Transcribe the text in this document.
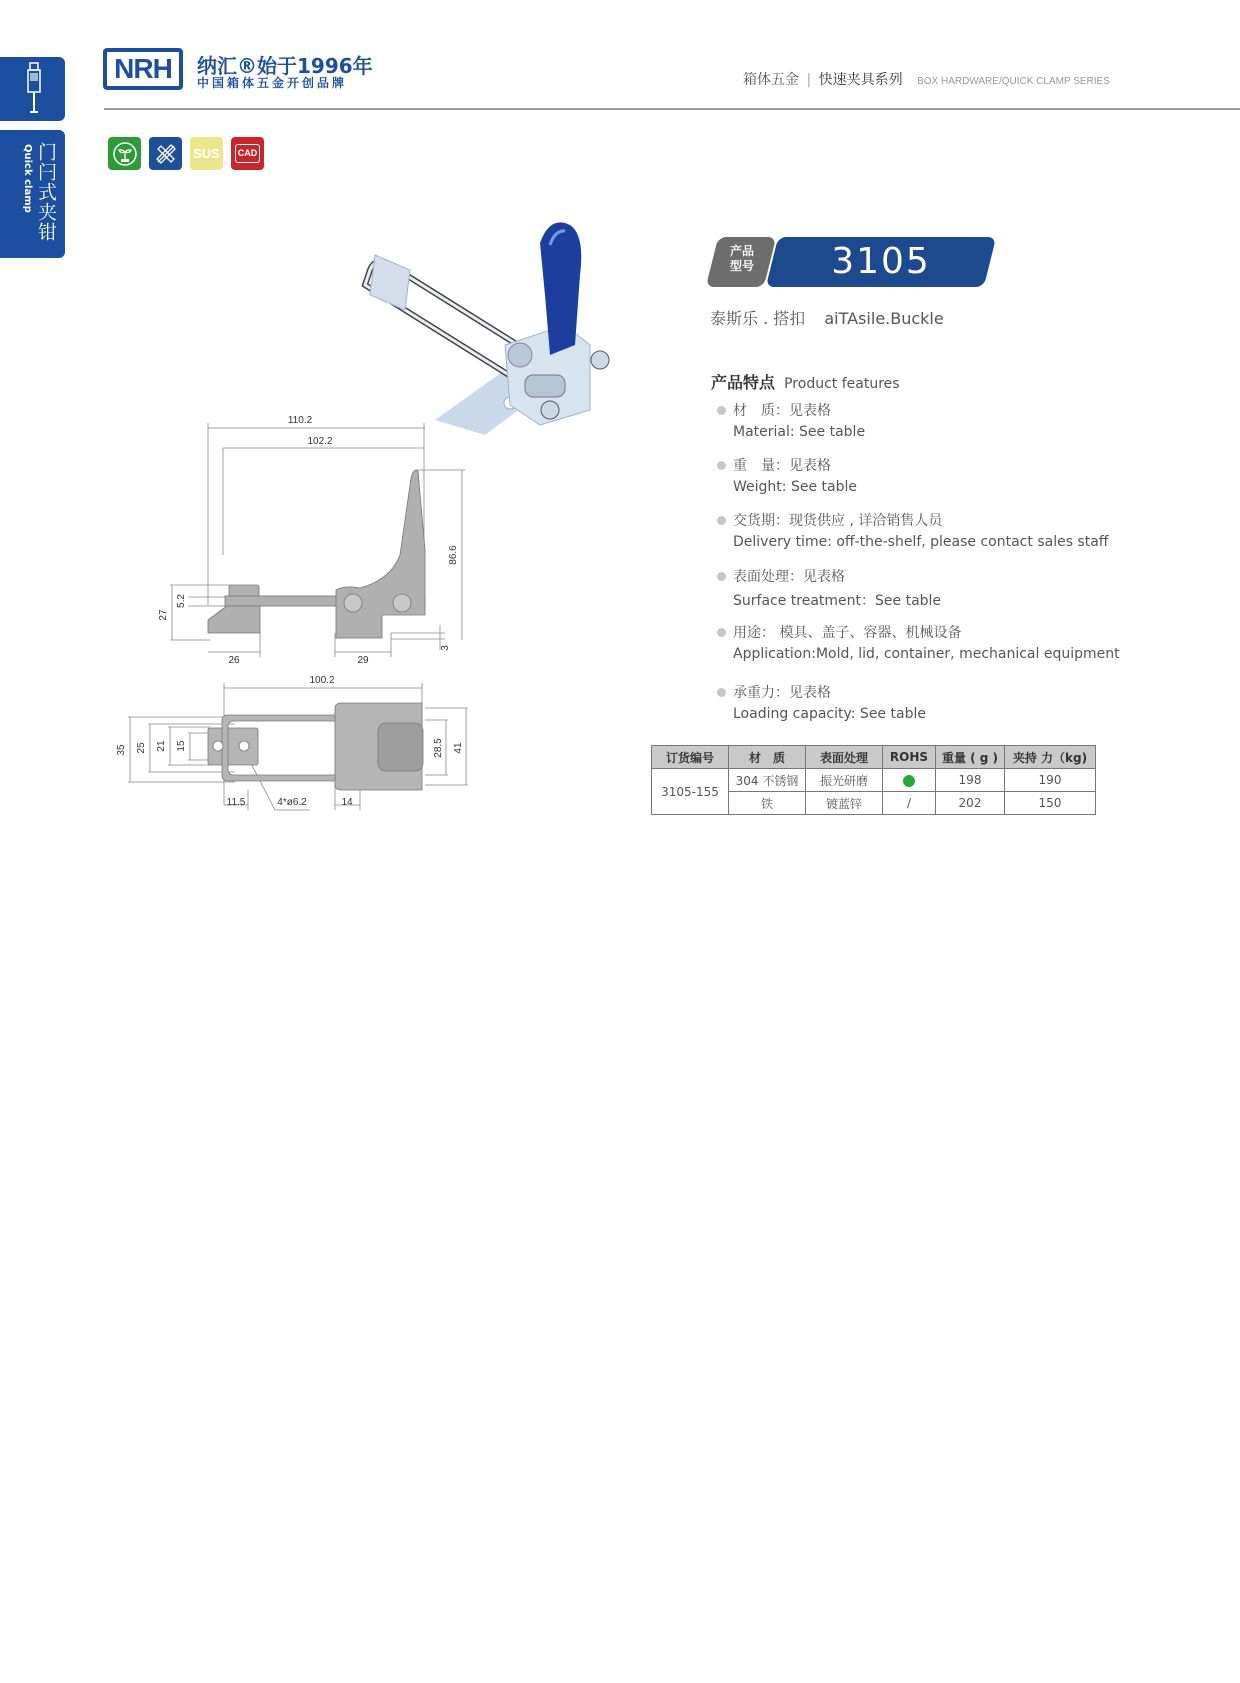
门闩式夹钳
Quick clamp
NRH 纳汇®始于1996年
中国箱体五金开创品牌	箱体五金 | 快速夹具系列 BOX HARDWARE/QUICK CLAMP SERIES
SUS	CAD
110.2
102.2
86.6
5.2
27
26	29
3
100.2
35 25 21 15	28.5 41
11.5	4*ø6.2	14
产品
型号	3105
泰斯乐 . 搭扣 aiTAsile.Buckle
产品特点 Product features
材　质：见表格
Material: See table
重　量：见表格
Weight: See table
交货期：现货供应 , 详洽销售人员
Delivery time: off-the-shelf, please contact sales staff
表面处理：见表格
Surface treatment：See table
用途： 模具、盖子、容器、机械设备
Application:Mold, lid, container, mechanical equipment
承重力：见表格
Loading capacity: See table
订货编号	材　质	表面处理	ROHS	重量 ( g )	夹持 力（kg)
3105-155	304 不锈钢	振光研磨		198	190
	铁	镀蓝锌	/	202	150
